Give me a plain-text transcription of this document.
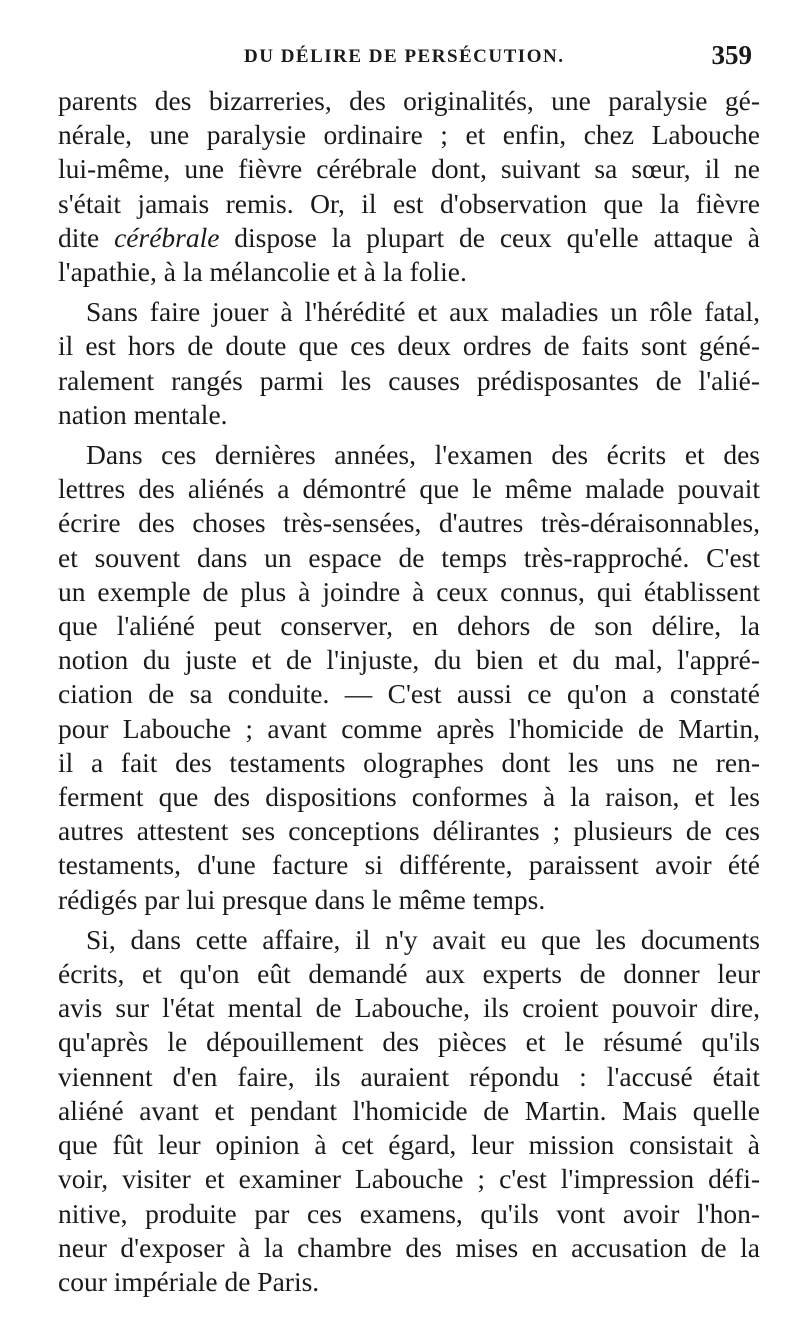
DU DÉLIRE DE PERSÉCUTION.	359

parents des bizarreries, des originalités, une paralysie gé-
nérale, une paralysie ordinaire ; et enfin, chez Labouche
lui-même, une fièvre cérébrale dont, suivant sa sœur, il ne
s'était jamais remis. Or, il est d'observation que la fièvre
dite cérébrale dispose la plupart de ceux qu'elle attaque à
l'apathie, à la mélancolie et à la folie.

Sans faire jouer à l'hérédité et aux maladies un rôle fatal,
il est hors de doute que ces deux ordres de faits sont géné-
ralement rangés parmi les causes prédisposantes de l'alié-
nation mentale.

Dans ces dernières années, l'examen des écrits et des
lettres des aliénés a démontré que le même malade pouvait
écrire des choses très-sensées, d'autres très-déraisonnables,
et souvent dans un espace de temps très-rapproché. C'est
un exemple de plus à joindre à ceux connus, qui établissent
que l'aliéné peut conserver, en dehors de son délire, la
notion du juste et de l'injuste, du bien et du mal, l'appré-
ciation de sa conduite. — C'est aussi ce qu'on a constaté
pour Labouche ; avant comme après l'homicide de Martin,
il a fait des testaments olographes dont les uns ne ren-
ferment que des dispositions conformes à la raison, et les
autres attestent ses conceptions délirantes ; plusieurs de ces
testaments, d'une facture si différente, paraissent avoir été
rédigés par lui presque dans le même temps.

Si, dans cette affaire, il n'y avait eu que les documents
écrits, et qu'on eût demandé aux experts de donner leur
avis sur l'état mental de Labouche, ils croient pouvoir dire,
qu'après le dépouillement des pièces et le résumé qu'ils
viennent d'en faire, ils auraient répondu : l'accusé était
aliéné avant et pendant l'homicide de Martin. Mais quelle
que fût leur opinion à cet égard, leur mission consistait à
voir, visiter et examiner Labouche ; c'est l'impression défi-
nitive, produite par ces examens, qu'ils vont avoir l'hon-
neur d'exposer à la chambre des mises en accusation de la
cour impériale de Paris.
